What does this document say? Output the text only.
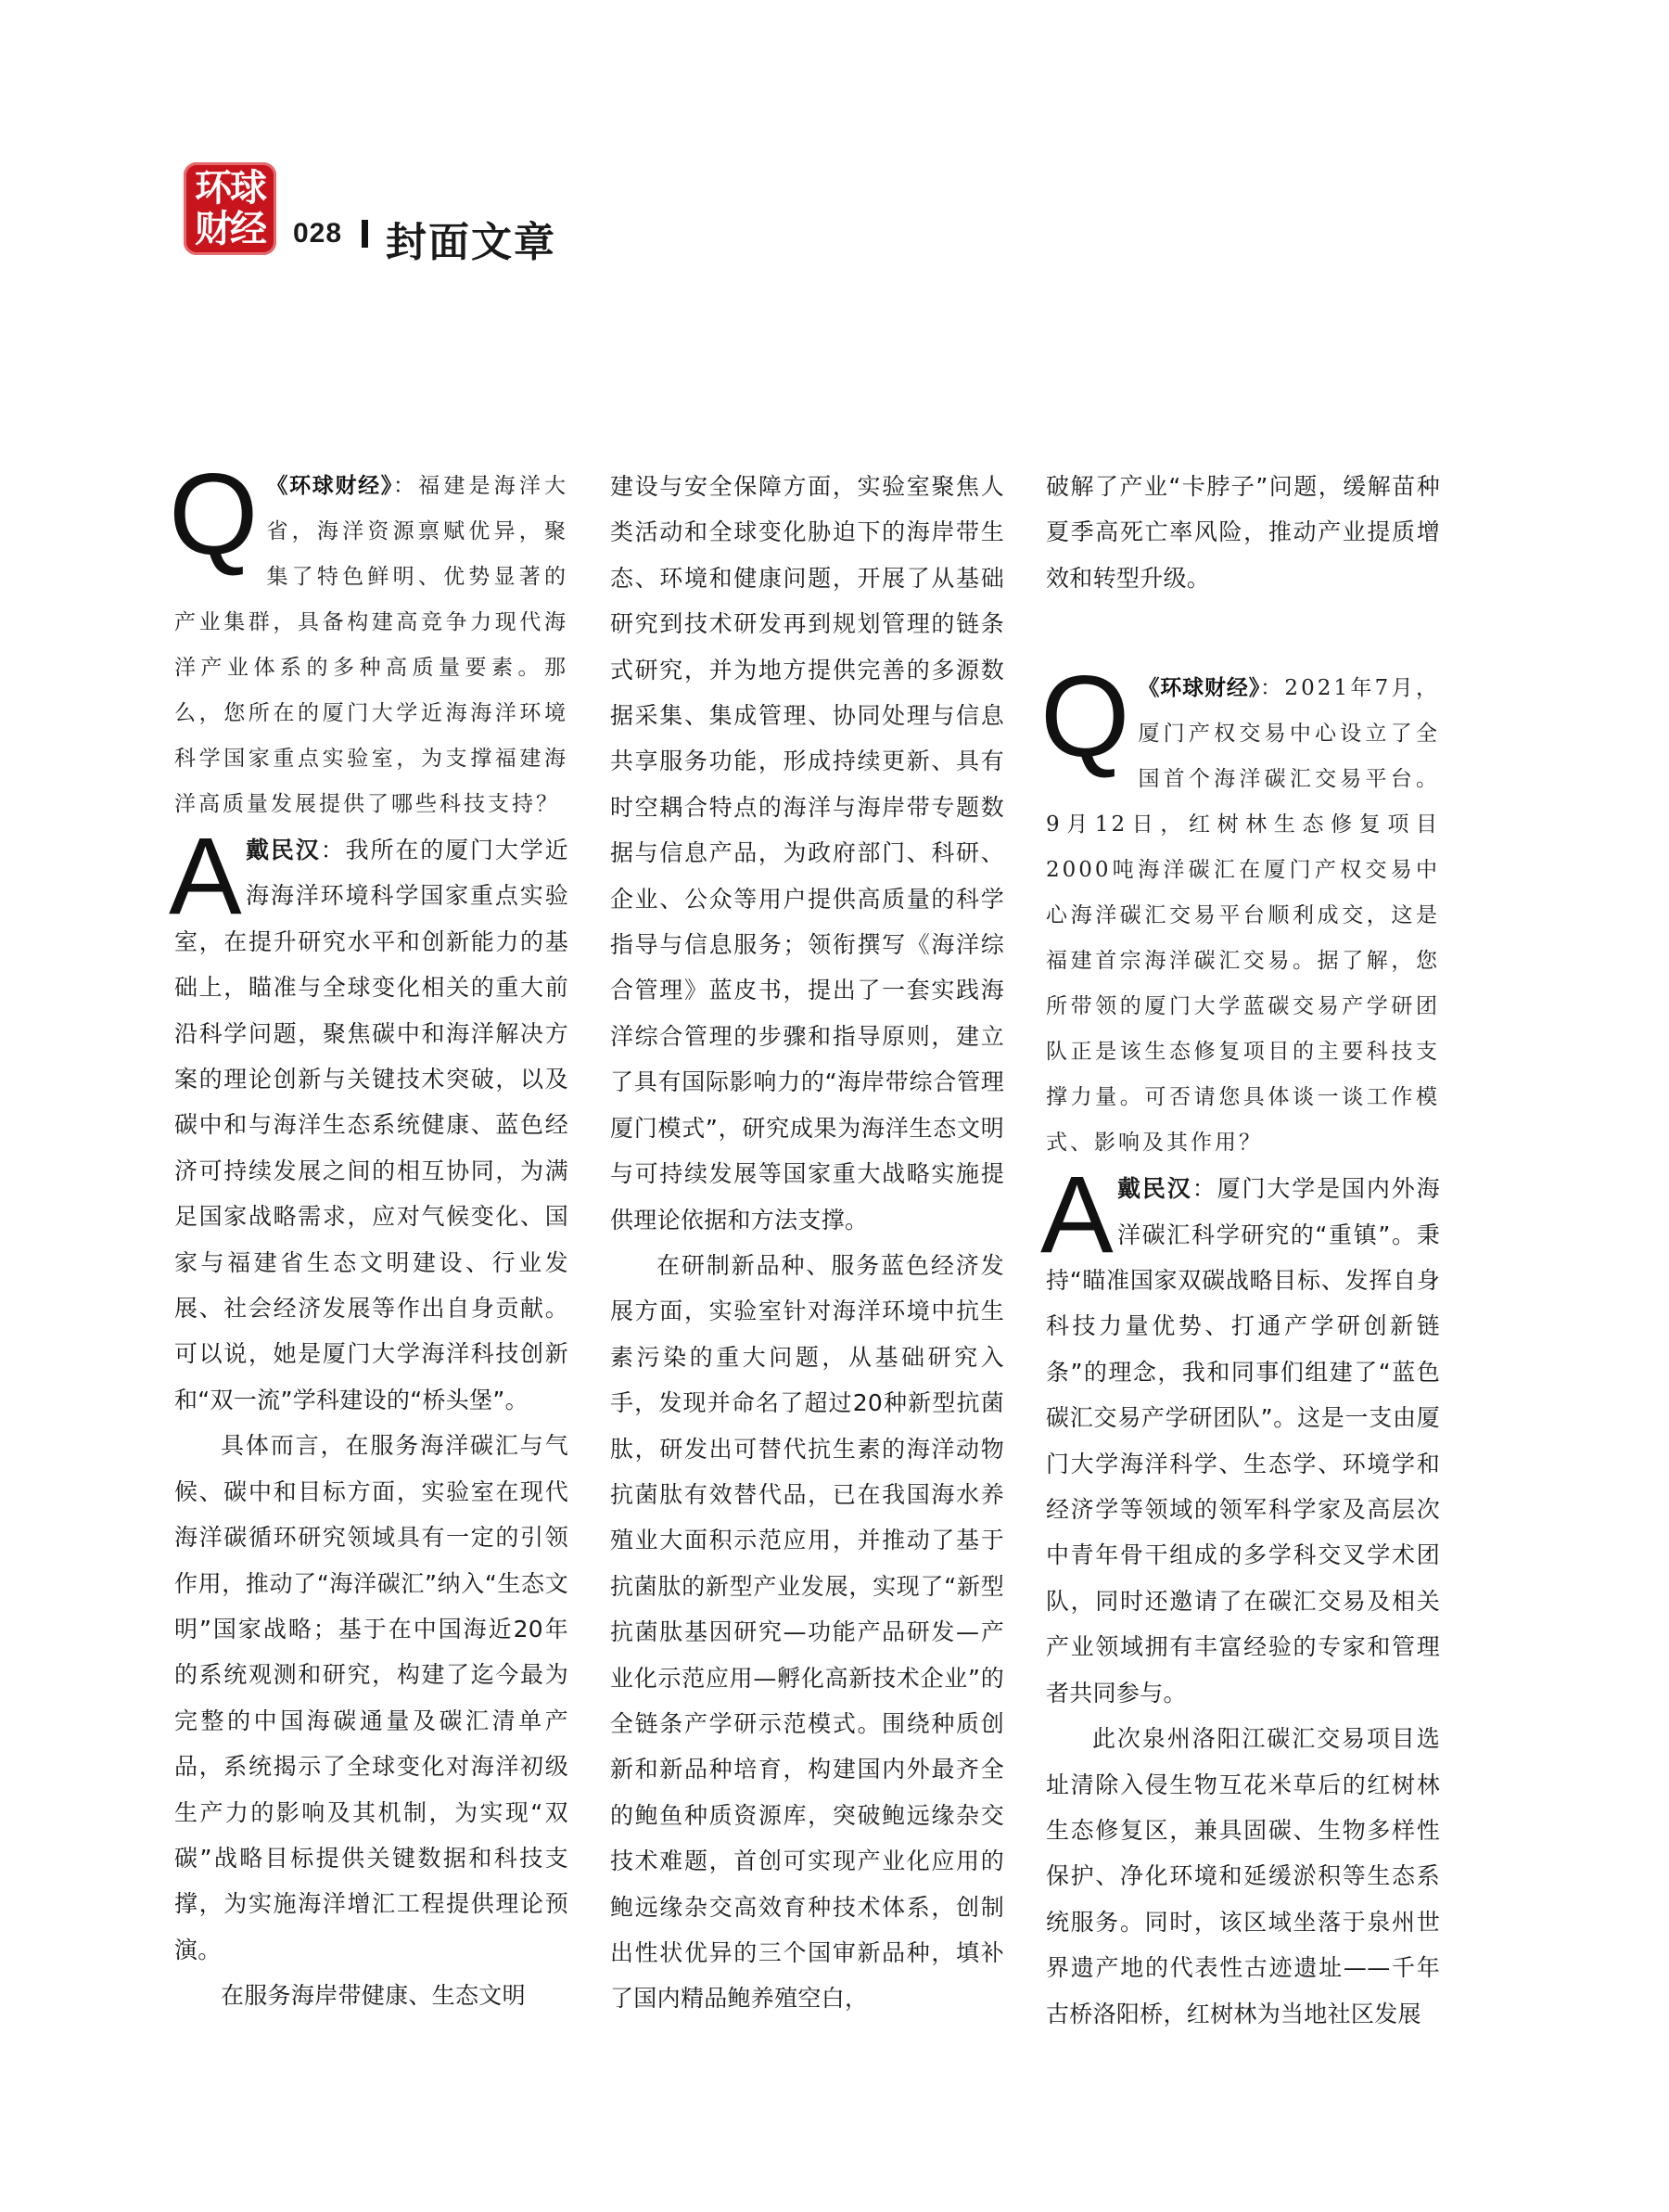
环球
财经	028 封面文章

Q 《环球财经》：福建是海洋大省，海洋资源禀赋优异，聚集了特色鲜明、优势显著的产业集群，具备构建高竞争力现代海洋产业体系的多种高质量要素。那么，您所在的厦门大学近海海洋环境科学国家重点实验室，为支撑福建海洋高质量发展提供了哪些科技支持？

A戴民汉：我所在的厦门大学近海海洋环境科学国家重点实验室，在提升研究水平和创新能力的基础上，瞄准与全球变化相关的重大前沿科学问题，聚焦碳中和海洋解决方案的理论创新与关键技术突破，以及碳中和与海洋生态系统健康、蓝色经济可持续发展之间的相互协同，为满足国家战略需求，应对气候变化、国家与福建省生态文明建设、行业发展、社会经济发展等作出自身贡献。可以说，她是厦门大学海洋科技创新和“双一流”学科建设的“桥头堡”。

具体而言，在服务海洋碳汇与气候、碳中和目标方面，实验室在现代海洋碳循环研究领域具有一定的引领作用，推动了“海洋碳汇”纳入“生态文明”国家战略；基于在中国海近20年的系统观测和研究，构建了迄今最为完整的中国海碳通量及碳汇清单产品，系统揭示了全球变化对海洋初级生产力的影响及其机制，为实现“双碳”战略目标提供关键数据和科技支撑，为实施海洋增汇工程提供理论预演。

在服务海岸带健康、生态文明

建设与安全保障方面，实验室聚焦人类活动和全球变化胁迫下的海岸带生态、环境和健康问题，开展了从基础研究到技术研发再到规划管理的链条式研究，并为地方提供完善的多源数据采集、集成管理、协同处理与信息共享服务功能，形成持续更新、具有时空耦合特点的海洋与海岸带专题数据与信息产品，为政府部门、科研、企业、公众等用户提供高质量的科学指导与信息服务；领衔撰写《海洋综合管理》蓝皮书，提出了一套实践海洋综合管理的步骤和指导原则，建立了具有国际影响力的“海岸带综合管理厦门模式”，研究成果为海洋生态文明与可持续发展等国家重大战略实施提供理论依据和方法支撑。

在研制新品种、服务蓝色经济发展方面，实验室针对海洋环境中抗生素污染的重大问题，从基础研究入手，发现并命名了超过20种新型抗菌肽，研发出可替代抗生素的海洋动物抗菌肽有效替代品，已在我国海水养殖业大面积示范应用，并推动了基于抗菌肽的新型产业发展，实现了“新型抗菌肽基因研究—功能产品研发—产业化示范应用—孵化高新技术企业”的全链条产学研示范模式。围绕种质创新和新品种培育，构建国内外最齐全的鲍鱼种质资源库，突破鲍远缘杂交技术难题，首创可实现产业化应用的鲍远缘杂交高效育种技术体系，创制出性状优异的三个国审新品种，填补了国内精品鲍养殖空白，

破解了产业“卡脖子”问题，缓解苗种夏季高死亡率风险，推动产业提质增效和转型升级。

Q 《环球财经》：2021年7月，厦门产权交易中心设立了全国首个海洋碳汇交易平台。9月12日，红树林生态修复项目2000吨海洋碳汇在厦门产权交易中心海洋碳汇交易平台顺利成交，这是福建首宗海洋碳汇交易。据了解，您所带领的厦门大学蓝碳交易产学研团队正是该生态修复项目的主要科技支撑力量。可否请您具体谈一谈工作模式、影响及其作用？

A戴民汉：厦门大学是国内外海洋碳汇科学研究的“重镇”。秉持“瞄准国家双碳战略目标、发挥自身科技力量优势、打通产学研创新链条”的理念，我和同事们组建了“蓝色碳汇交易产学研团队”。这是一支由厦门大学海洋科学、生态学、环境学和经济学等领域的领军科学家及高层次中青年骨干组成的多学科交叉学术团队，同时还邀请了在碳汇交易及相关产业领域拥有丰富经验的专家和管理者共同参与。

此次泉州洛阳江碳汇交易项目选址清除入侵生物互花米草后的红树林生态修复区，兼具固碳、生物多样性保护、净化环境和延缓淤积等生态系统服务。同时，该区域坐落于泉州世界遗产地的代表性古迹遗址——千年古桥洛阳桥，红树林为当地社区发展
